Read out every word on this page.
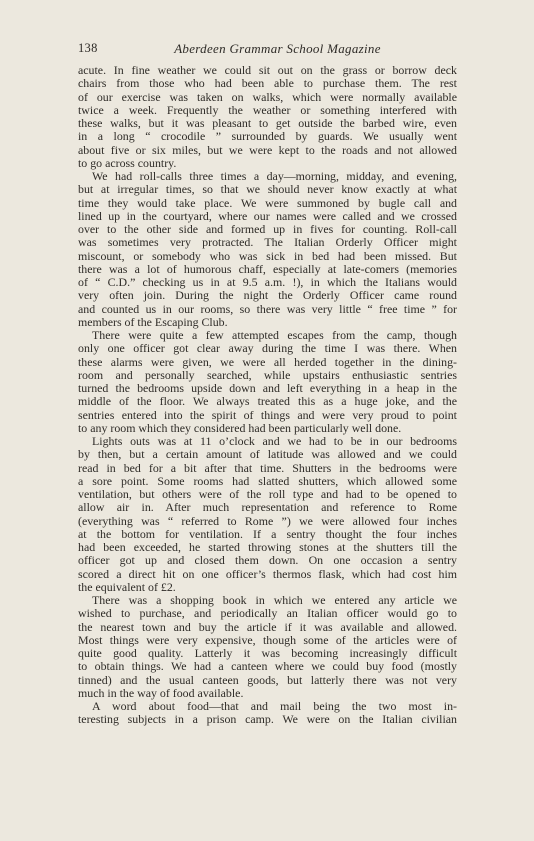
138	Aberdeen Grammar School Magazine
acute. In fine weather we could sit out on the grass or borrow deck
chairs from those who had been able to purchase them. The rest
of our exercise was taken on walks, which were normally available
twice a week. Frequently the weather or something interfered with
these walks, but it was pleasant to get outside the barbed wire, even
in a long “ crocodile ” surrounded by guards. We usually went
about five or six miles, but we were kept to the roads and not allowed
to go across country.
We had roll-calls three times a day—morning, midday, and evening,
but at irregular times, so that we should never know exactly at what
time they would take place. We were summoned by bugle call and
lined up in the courtyard, where our names were called and we crossed
over to the other side and formed up in fives for counting. Roll-call
was sometimes very protracted. The Italian Orderly Officer might
miscount, or somebody who was sick in bed had been missed. But
there was a lot of humorous chaff, especially at late-comers (memories
of “ C.D.” checking us in at 9.5 a.m. !), in which the Italians would
very often join. During the night the Orderly Officer came round
and counted us in our rooms, so there was very little “ free time ” for
members of the Escaping Club.
There were quite a few attempted escapes from the camp, though
only one officer got clear away during the time I was there. When
these alarms were given, we were all herded together in the dining-
room and personally searched, while upstairs enthusiastic sentries
turned the bedrooms upside down and left everything in a heap in the
middle of the floor. We always treated this as a huge joke, and the
sentries entered into the spirit of things and were very proud to point
to any room which they considered had been particularly well done.
Lights outs was at 11 o’clock and we had to be in our bedrooms
by then, but a certain amount of latitude was allowed and we could
read in bed for a bit after that time. Shutters in the bedrooms were
a sore point. Some rooms had slatted shutters, which allowed some
ventilation, but others were of the roll type and had to be opened to
allow air in. After much representation and reference to Rome
(everything was “ referred to Rome ”) we were allowed four inches
at the bottom for ventilation. If a sentry thought the four inches
had been exceeded, he started throwing stones at the shutters till the
officer got up and closed them down. On one occasion a sentry
scored a direct hit on one officer’s thermos flask, which had cost him
the equivalent of £2.
There was a shopping book in which we entered any article we
wished to purchase, and periodically an Italian officer would go to
the nearest town and buy the article if it was available and allowed.
Most things were very expensive, though some of the articles were of
quite good quality. Latterly it was becoming increasingly difficult
to obtain things. We had a canteen where we could buy food (mostly
tinned) and the usual canteen goods, but latterly there was not very
much in the way of food available.
A word about food—that and mail being the two most in-
teresting subjects in a prison camp. We were on the Italian civilian
